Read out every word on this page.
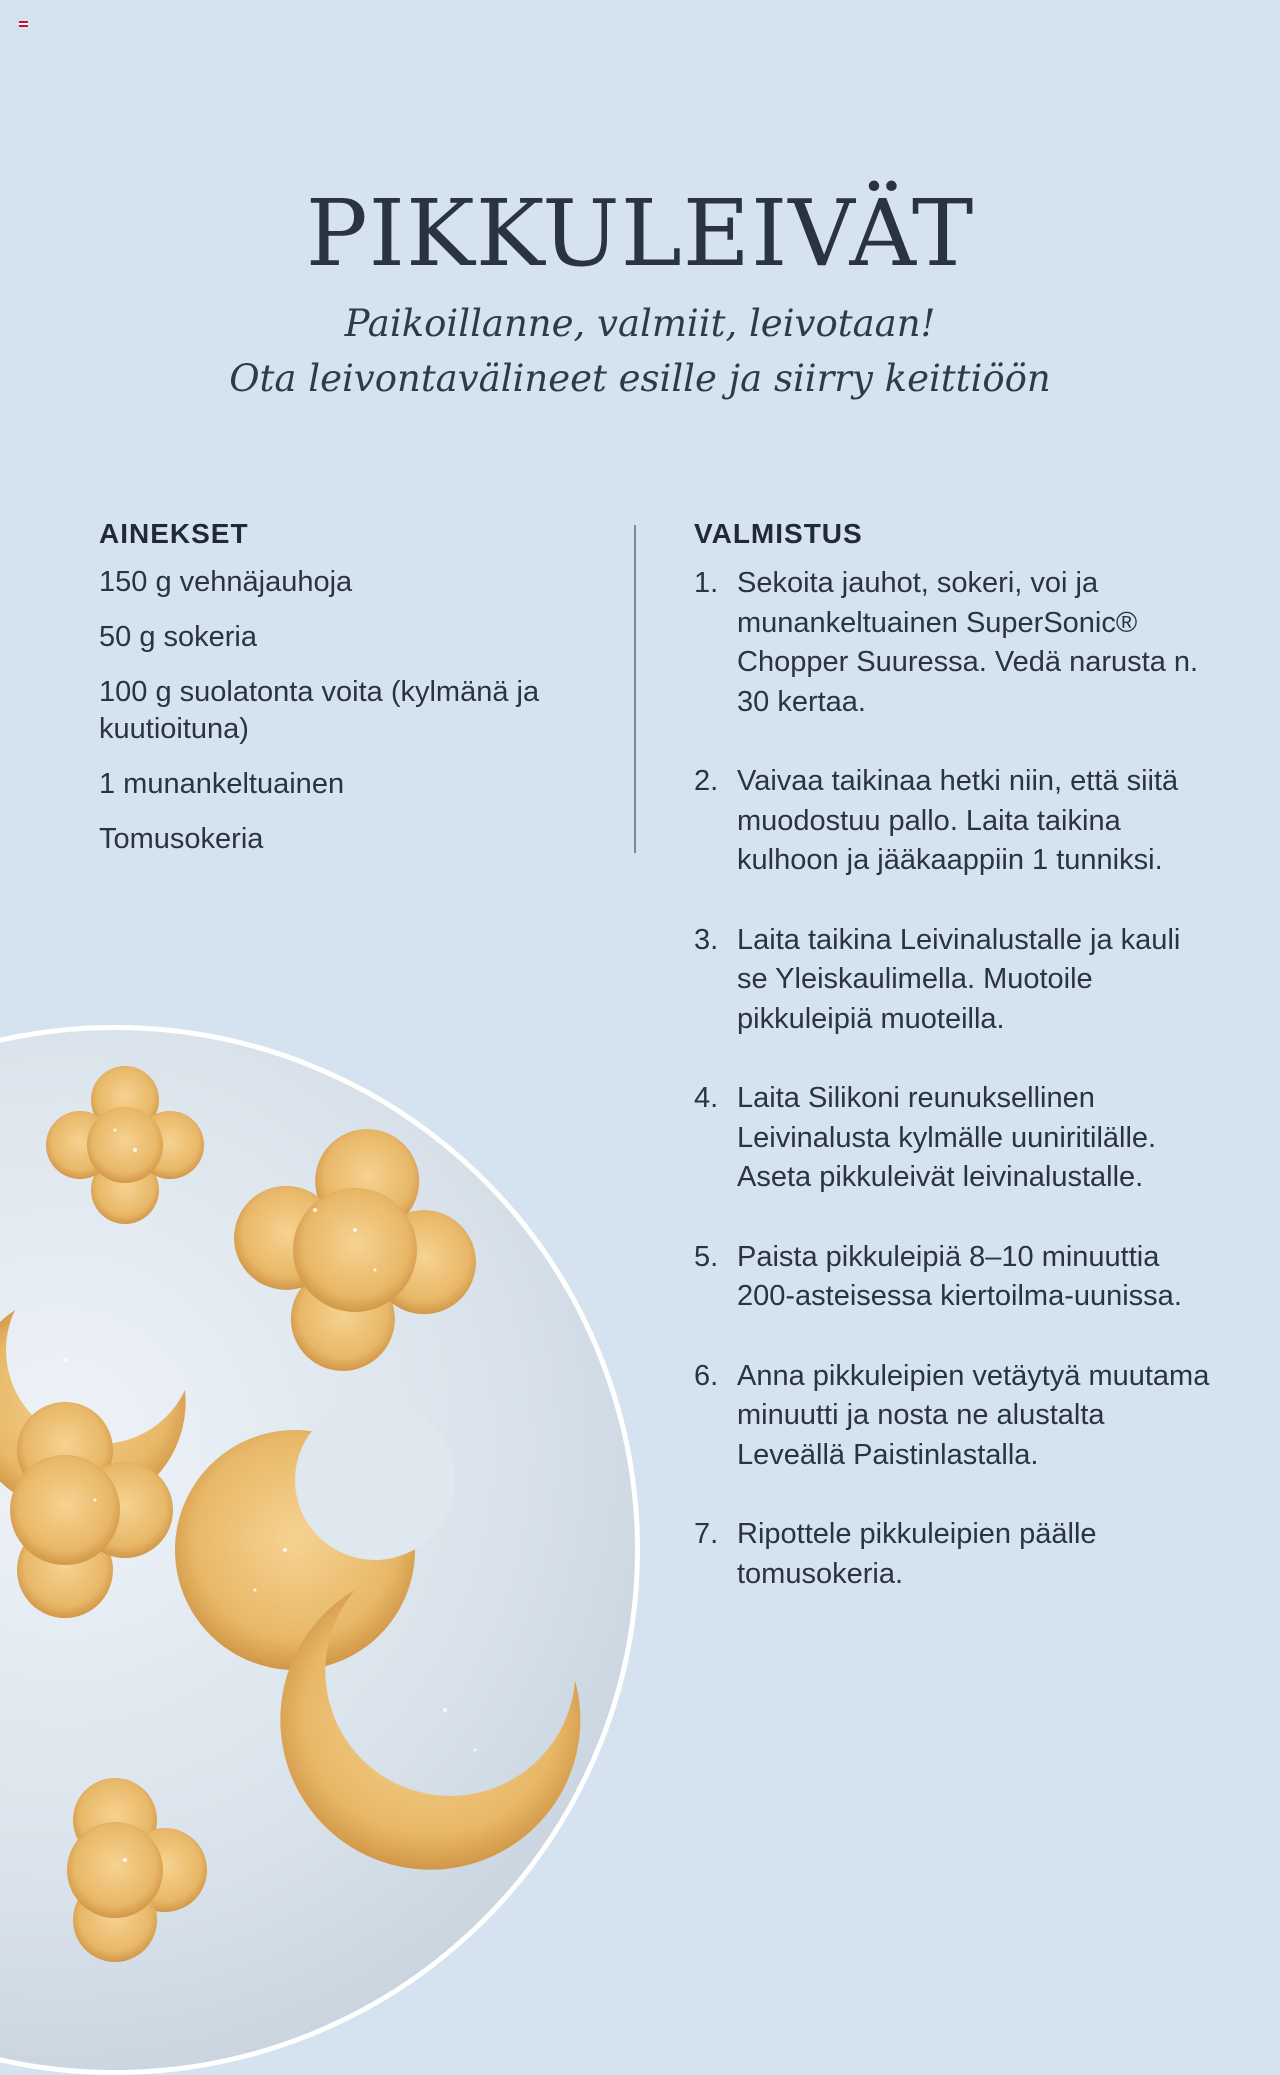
PIKKULEIVÄT
Paikoillanne, valmiit, leivotaan!
Ota leivontavälineet esille ja siirry keittiöön
AINEKSET
150 g vehnäjauhoja
50 g sokeria
100 g suolatonta voita (kylmänä ja kuutioituna)
1 munankeltuainen
Tomusokeria
VALMISTUS
1. Sekoita jauhot, sokeri, voi ja munankeltuainen SuperSonic® Chopper Suuressa. Vedä narusta n. 30 kertaa.
2. Vaivaa taikinaa hetki niin, että siitä muodostuu pallo. Laita taikina kulhoon ja jääkaappiin 1 tunniksi.
3. Laita taikina Leivinalustalle ja kauli se Yleiskaulimella. Muotoile pikkuleipiä muoteilla.
4. Laita Silikoni reunuksellinen Leivinalusta kylmälle uuniritilälle. Aseta pikkuleivät leivinalustalle.
5. Paista pikkuleipiä 8–10 minuuttia 200-asteisessa kiertoilma-uunissa.
6. Anna pikkuleipien vetäytyä muutama minuutti ja nosta ne alustalta Leveällä Paistinlastalla.
7. Ripottele pikkuleipien päälle tomusokeria.
